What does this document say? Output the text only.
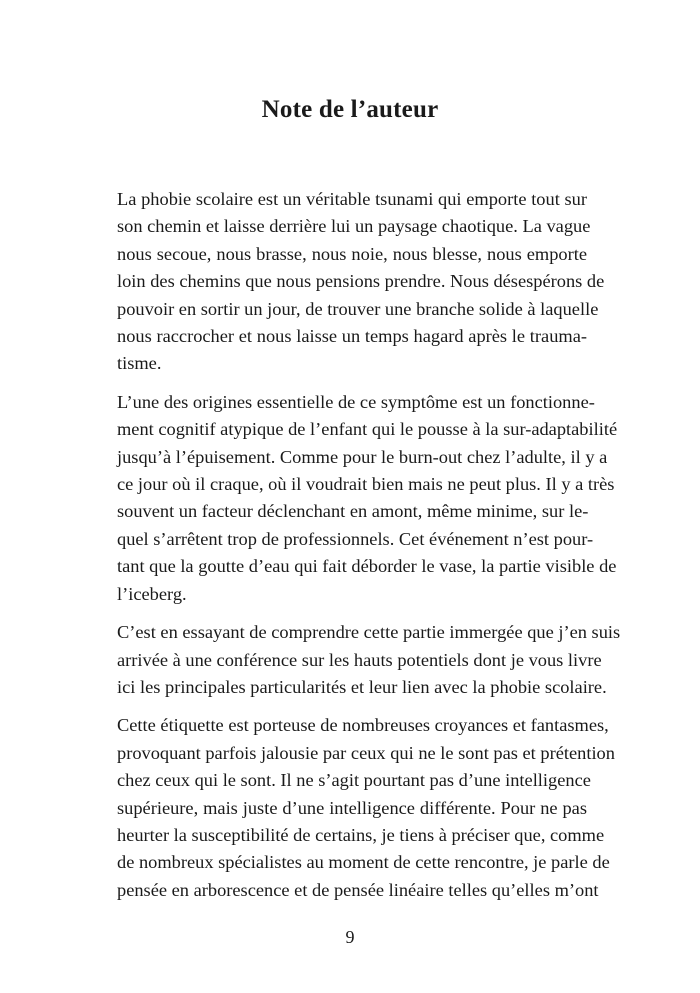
Note de l’auteur

La phobie scolaire est un véritable tsunami qui emporte tout sur
son chemin et laisse derrière lui un paysage chaotique. La vague
nous secoue, nous brasse, nous noie, nous blesse, nous emporte
loin des chemins que nous pensions prendre. Nous désespérons de
pouvoir en sortir un jour, de trouver une branche solide à laquelle
nous raccrocher et nous laisse un temps hagard après le trauma-
tisme.

L’une des origines essentielle de ce symptôme est un fonctionne-
ment cognitif atypique de l’enfant qui le pousse à la sur-adaptabilité
jusqu’à l’épuisement. Comme pour le burn-out chez l’adulte, il y a
ce jour où il craque, où il voudrait bien mais ne peut plus. Il y a très
souvent un facteur déclenchant en amont, même minime, sur le-
quel s’arrêtent trop de professionnels. Cet événement n’est pour-
tant que la goutte d’eau qui fait déborder le vase, la partie visible de
l’iceberg.

C’est en essayant de comprendre cette partie immergée que j’en suis
arrivée à une conférence sur les hauts potentiels dont je vous livre
ici les principales particularités et leur lien avec la phobie scolaire.

Cette étiquette est porteuse de nombreuses croyances et fantasmes,
provoquant parfois jalousie par ceux qui ne le sont pas et prétention
chez ceux qui le sont. Il ne s’agit pourtant pas d’une intelligence
supérieure, mais juste d’une intelligence différente. Pour ne pas
heurter la susceptibilité de certains, je tiens à préciser que, comme
de nombreux spécialistes au moment de cette rencontre, je parle de
pensée en arborescence et de pensée linéaire telles qu’elles m’ont

9
